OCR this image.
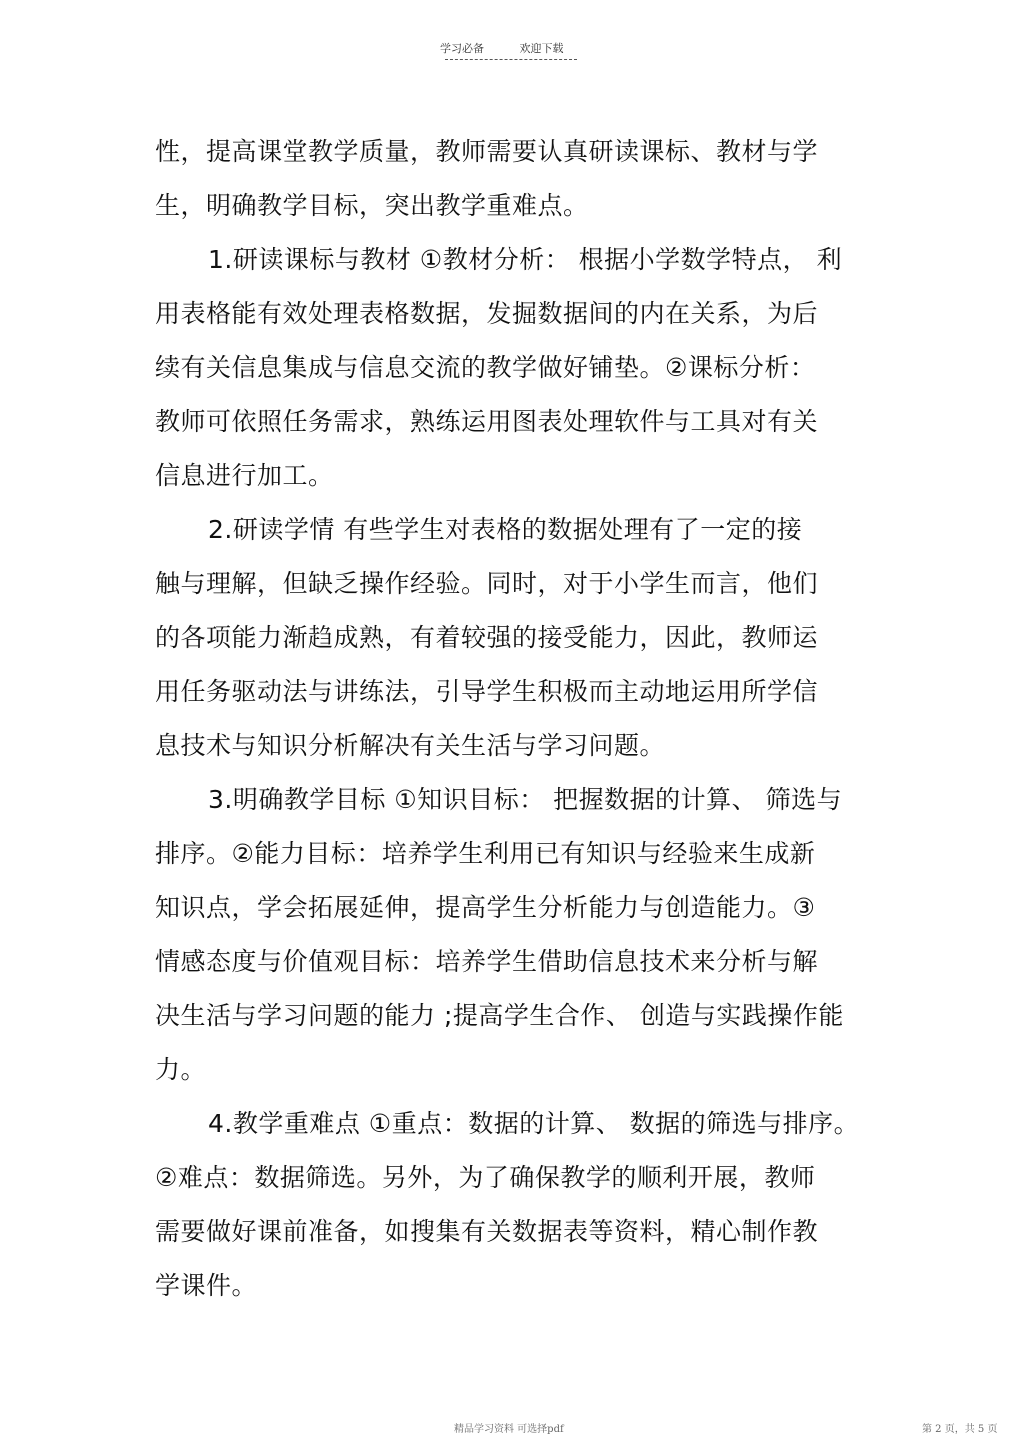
学习必备	欢迎下载
性，提高课堂教学质量，教师需要认真研读课标、教材与学
生，明确教学目标，突出教学重难点。
1.研读课标与教材 ①教材分析： 根据小学数学特点， 利
用表格能有效处理表格数据，发掘数据间的内在关系，为后
续有关信息集成与信息交流的教学做好铺垫。②课标分析：
教师可依照任务需求，熟练运用图表处理软件与工具对有关
信息进行加工。
2.研读学情 有些学生对表格的数据处理有了一定的接
触与理解，但缺乏操作经验。同时，对于小学生而言，他们
的各项能力渐趋成熟，有着较强的接受能力，因此，教师运
用任务驱动法与讲练法，引导学生积极而主动地运用所学信
息技术与知识分析解决有关生活与学习问题。
3.明确教学目标 ①知识目标： 把握数据的计算、 筛选与
排序。②能力目标：培养学生利用已有知识与经验来生成新
知识点，学会拓展延伸，提高学生分析能力与创造能力。③
情感态度与价值观目标：培养学生借助信息技术来分析与解
决生活与学习问题的能力 ;提高学生合作、 创造与实践操作能
力。
4.教学重难点 ①重点：数据的计算、 数据的筛选与排序。
②难点：数据筛选。另外，为了确保教学的顺利开展，教师
需要做好课前准备，如搜集有关数据表等资料，精心制作教
学课件。
精品学习资料 可选择pdf	第 2 页，共 5 页
